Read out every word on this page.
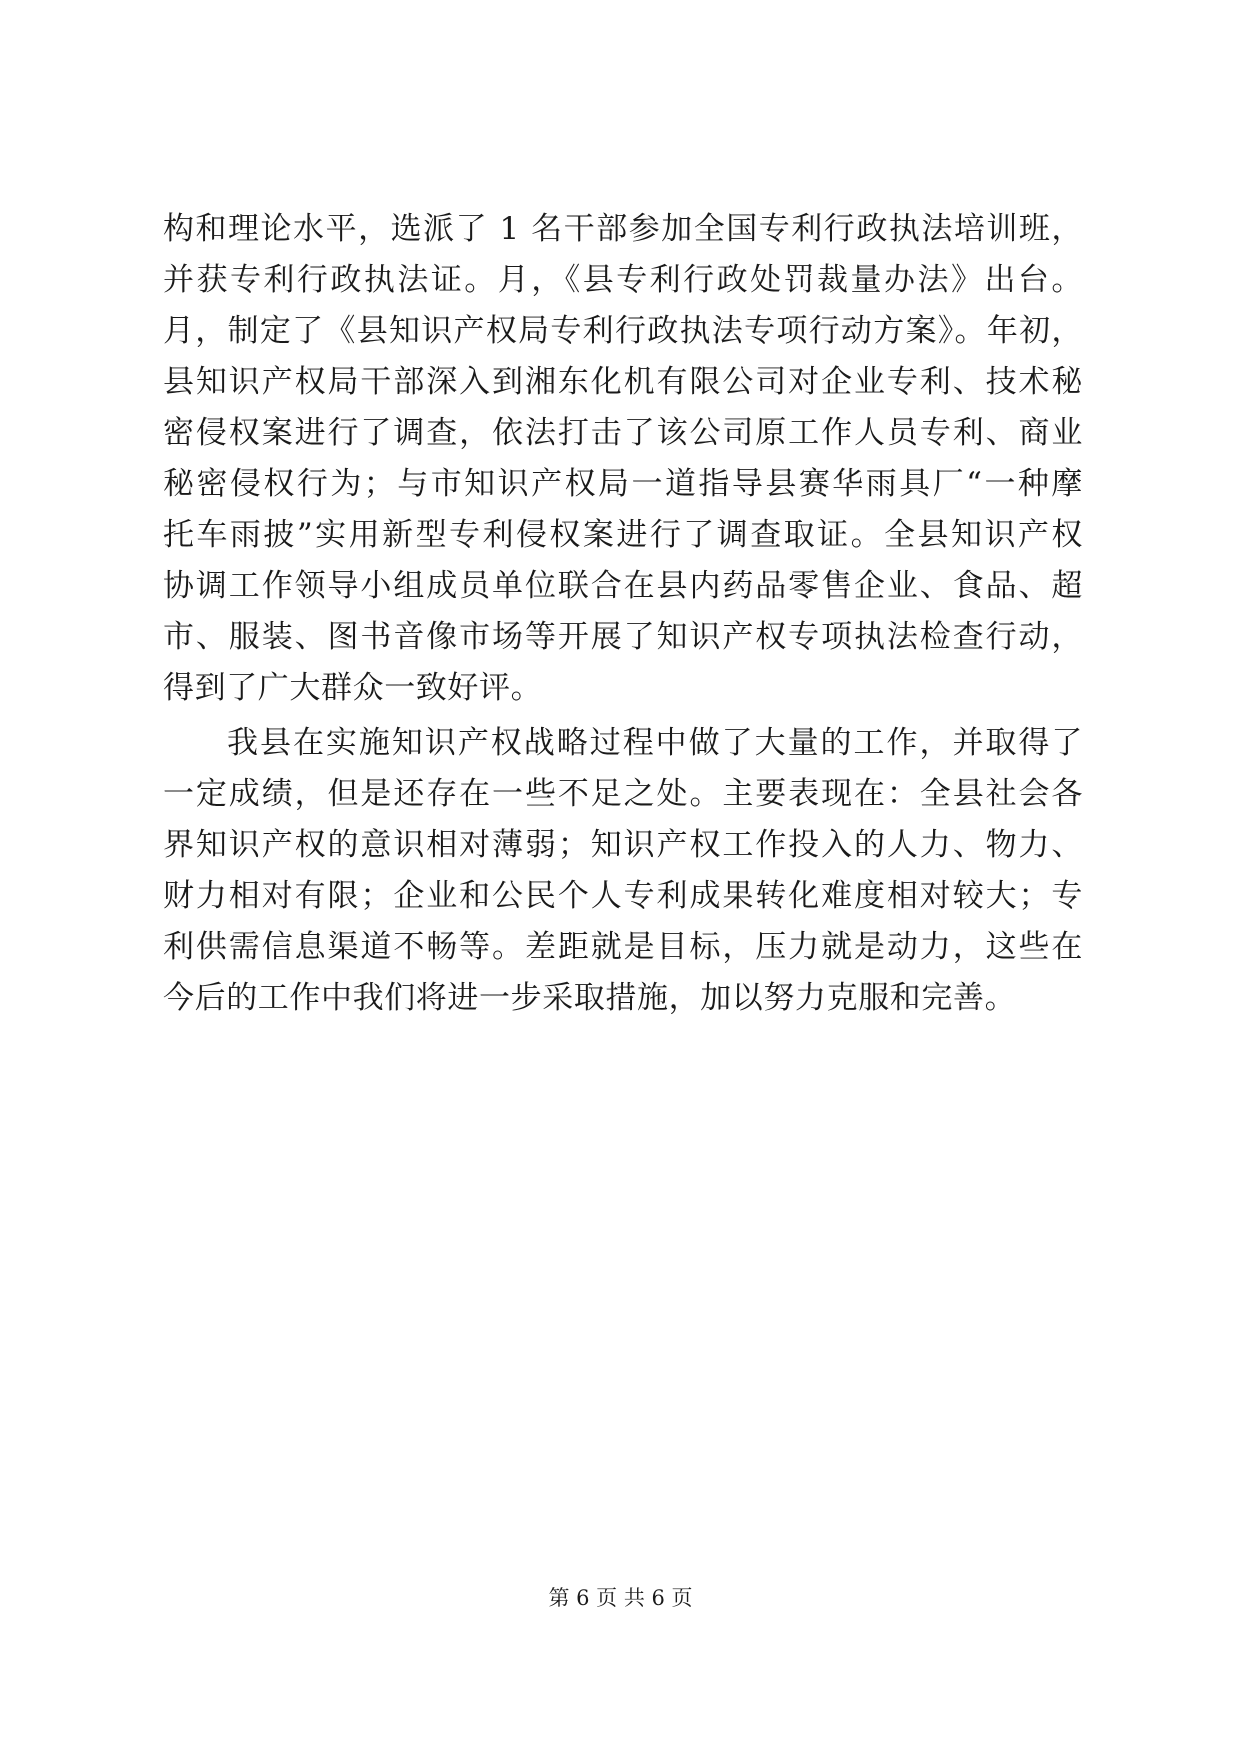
构和理论水平，选派了 1 名干部参加全国专利行政执法培训班，
并获专利行政执法证。月，《县专利行政处罚裁量办法》出台。
月，制定了《县知识产权局专利行政执法专项行动方案》。年初，
县知识产权局干部深入到湘东化机有限公司对企业专利、技术秘
密侵权案进行了调查，依法打击了该公司原工作人员专利、商业
秘密侵权行为；与市知识产权局一道指导县赛华雨具厂“一种摩
托车雨披”实用新型专利侵权案进行了调查取证。全县知识产权
协调工作领导小组成员单位联合在县内药品零售企业、食品、超
市、服装、图书音像市场等开展了知识产权专项执法检查行动，
得到了广大群众一致好评。
我县在实施知识产权战略过程中做了大量的工作，并取得了
一定成绩，但是还存在一些不足之处。主要表现在：全县社会各
界知识产权的意识相对薄弱；知识产权工作投入的人力、物力、
财力相对有限；企业和公民个人专利成果转化难度相对较大；专
利供需信息渠道不畅等。差距就是目标，压力就是动力，这些在
今后的工作中我们将进一步采取措施，加以努力克服和完善。
第 6 页 共 6 页
